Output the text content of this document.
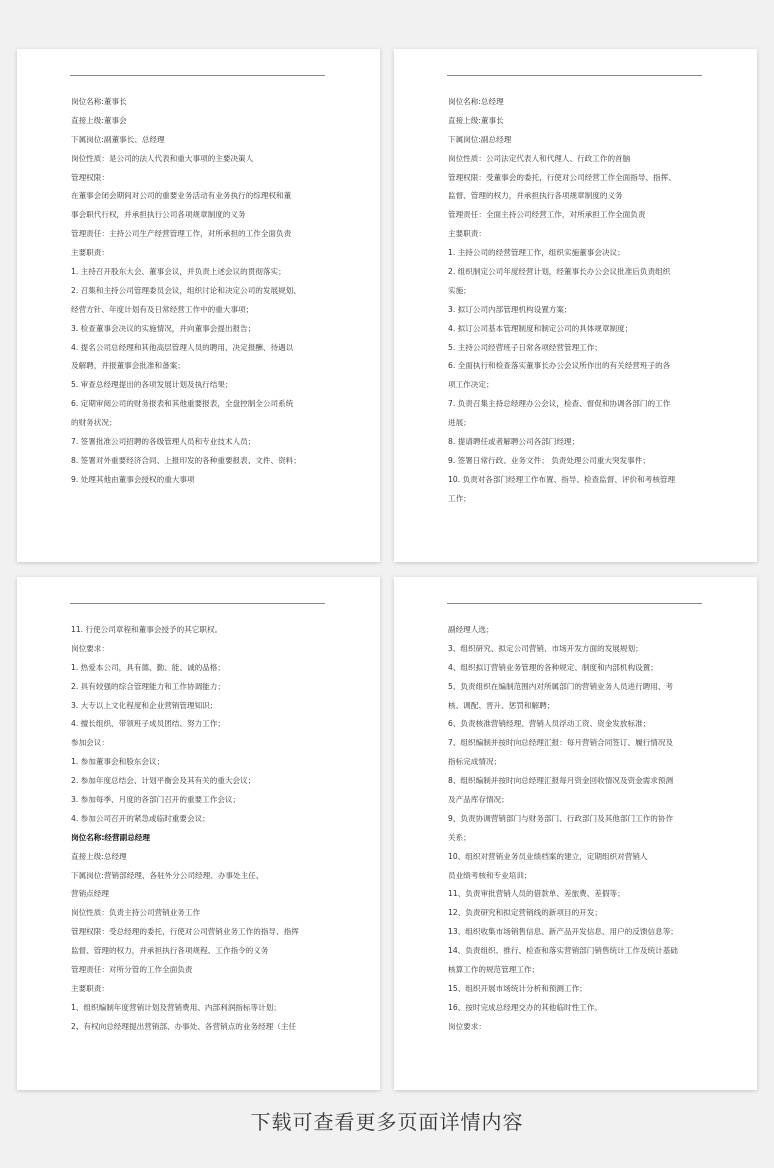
岗位名称:董事长
直接上级:董事会
下属岗位:副董事长、总经理
岗位性质：是公司的法人代表和重大事项的主要决策人
管理权限：
在董事会闭会期间对公司的重要业务活动有业务执行的综理权和董
事会职代行权，并承担执行公司各项规章制度的义务
管理责任：主持公司生产经营管理工作，对所承担的工作全面负责
主要职责：
1. 主持召开股东大会、董事会议，并负责上述会议的贯彻落实；
2. 召集和主持公司管理委员会议，组织讨论和决定公司的发展规划、
经营方针、年度计划有及日常经营工作中的重大事项；
3. 检查董事会决议的实施情况，并向董事会提出报告；
4. 提名公司总经理和其他高层管理人员的聘用、决定报酬、待遇以
及解聘，并报董事会批准和备案；
5. 审查总经理提出的各项发展计划及执行结果；
6. 定期审阅公司的财务报表和其他重要报表，全盘控制全公司系统
的财务状况；
7. 签署批准公司招聘的各级管理人员和专业技术人员；
8. 签署对外重要经济合同、上报印发的各种重要报表、文件、资料；
9. 处理其他由董事会授权的重大事项
岗位名称:总经理
直接上级:董事长
下属岗位:副总经理
岗位性质：公司法定代表人和代理人、行政工作的首脑
管理权限：受董事会的委托，行使对公司经营工作全面指导、指挥、
监督、管理的权力，并承担执行各项规章制度的义务
管理责任：全面主持公司经营工作，对所承担工作全面负责
主要职责：
1. 主持公司的经营管理工作，组织实施董事会决议；
2. 组织制定公司年度经营计划，经董事长办公会议批准后负责组织
实施；
3. 拟订公司内部管理机构设置方案；
4. 拟订公司基本管理制度和制定公司的具体规章制度；
5. 主持公司经营班子日常各项经营管理工作；
6. 全面执行和检查落实董事长办公会议所作出的有关经营班子的各
项工作决定；
7. 负责召集主持总经理办公会议，检查、督促和协调各部门的工作
进展；
8. 提请聘任或者解聘公司各部门经理；
9. 签署日常行政、业务文件； 负责处理公司重大突发事件；
10. 负责对各部门经理工作布置、指导、检查监督、评价和考核管理
工作；
11. 行使公司章程和董事会授予的其它职权。
岗位要求：
1. 热爱本公司，具有德、勤、能、诚的品格；
2. 具有较强的综合管理能力和工作协调能力；
3. 大专以上文化程度和企业营销管理知识；
4. 擅长组织、带领班子成员团结、努力工作；
参加会议：
1. 参加董事会和股东会议；
2. 参加年度总结会、计划平衡会及其有关的重大会议；
3. 参加每季、月度的各部门召开的重要工作会议；
4. 参加公司召开的紧急或临时重要会议；
岗位名称:经营副总经理
直接上级:总经理
下属岗位:营销部经理、各驻外分公司经理、办事处主任、
营销点经理
岗位性质：负责主持公司营销业务工作
管理权限：受总经理的委托，行使对公司营销业务工作的指导、指挥
监督、管理的权力，并承担执行各项规程、工作指令的义务
管理责任：对所分管的工作全面负责
主要职责：
1、组织编制年度营销计划及营销费用、内部利润指标等计划；
2、有权向总经理提出营销部、办事处、各营销点的业务经理（主任
副经理人选；
3、组织研究、拟定公司营销、市场开发方面的发展规划；
4、组织拟订营销业务管理的各种规定、制度和内部机构设置；
5、负责组织在编制范围内对所属部门的营销业务人员进行聘用、考
核、调配、晋升、惩罚和解聘；
6、负责核准营销经理、营销人员浮动工资、资金发放标准；
7、组织编制并按时向总经理汇报：每月营销合同签订、履行情况及
指标完成情况；
8、组织编制并按时向总经理汇报每月资金回收情况及资金需求预测
及产品库存情况；
9、负责协调营销部门与财务部门、行政部门及其他部门工作的协作
关系；
10、组织对营销业务员业绩档案的建立，定期组织对营销人
员业绩考核和专业培训；
11、负责审批营销人员的借款单、差旅费、差假等；
12、负责研究和拟定营销线的新项目的开发；
13、组织收集市场销售信息、新产品开发信息、用户的反馈信息等；
14、负责组织、推行、检查和落实营销部门销售统计工作及统计基础
核算工作的规范管理工作；
15、组织开展市场统计分析和预测工作；
16、按时完成总经理交办的其他临时性工作。
岗位要求：
下载可查看更多页面详情内容
